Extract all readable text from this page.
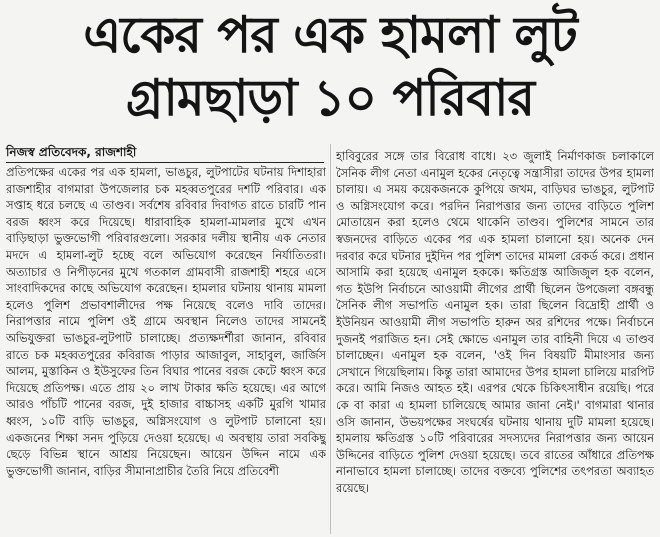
একের পর এক হামলা লুট
গ্রামছাড়া ১০ পরিবার
নিজস্ব প্রতিবেদক, রাজশাহী

প্রতিপক্ষের একের পর এক হামলা, ভাঙচুর, লুটপাটের ঘটনায় দিশাহারা রাজশাহীর বাগমারা উপজেলার চক মহব্বতপুরের দশটি পরিবার। এক সপ্তাহ ধরে চলছে এ তাণ্ডব। সর্বশেষ রবিবার দিবাগত রাতে চারটি পান বরজ ধ্বংস করে দিয়েছে। ধারাবাহিক হামলা-মামলার মুখে এখন বাড়িছাড়া ভুক্তভোগী পরিবারগুলো। সরকার দলীয় স্থানীয় এক নেতার মদদে এ হামলা-লুট হচ্ছে বলে অভিযোগ করেছেন নির্যাতিতরা। অত্যাচার ও নিপীড়নের মুখে গতকাল গ্রামবাসী রাজশাহী শহরে এসে সাংবাদিকদের কাছে অভিযোগ করেছেন। হামলার ঘটনায় থানায় মামলা হলেও পুলিশ প্রভাবশালীদের পক্ষ নিয়েছে বলেও দাবি তাদের। নিরাপত্তার নামে পুলিশ ওই গ্রামে অবস্থান নিলেও তাদের সামনেই অভিযুক্তরা ভাঙচুর-লুটপাট চালাচ্ছে। প্রত্যক্ষদর্শীরা জানান, রবিবার রাতে চক মহব্বতপুরের কবিরাজ পাড়ার আজাবুল, সাহাবুল, জার্জিস আলম, মুস্তাকিন ও ইউসুফের তিন বিঘার পানের বরজ কেটে ধ্বংস করে দিয়েছে প্রতিপক্ষ। এতে প্রায় ২০ লাখ টাকার ক্ষতি হয়েছে। এর আগে আরও পাঁচটি পানের বরজ, দুই হাজার বাচ্চাসহ একটি মুরগি খামার ধ্বংস, ১০টি বাড়ি ভাঙচুর, অগ্নিসংযোগ ও লুটপাট চালানো হয়। একজনের শিক্ষা সনদ পুড়িয়ে দেওয়া হয়েছে। এ অবস্থায় তারা সবকিছু ছেড়ে বিভিন্ন স্থানে আশ্রয় নিয়েছেন। আয়েন উদ্দিন নামে এক ভুক্তভোগী জানান, বাড়ির সীমানাপ্রাচীর তৈরি নিয়ে প্রতিবেশী

হাবিবুরের সঙ্গে তার বিরোধ বাধে। ২৩ জুলাই নির্মাণকাজ চলাকালে সৈনিক লীগ নেতা এনামুল হকের নেতৃত্বে সন্ত্রাসীরা তাদের উপর হামলা চালায়। এ সময় কয়েকজনকে কুপিয়ে জখম, বাড়িঘর ভাঙচুর, লুটপাট ও অগ্নিসংযোগ করে। পরদিন নিরাপত্তার জন্য তাদের বাড়িতে পুলিশ মোতায়েন করা হলেও থেমে থাকেনি তাণ্ডব। পুলিশের সামনে তার স্বজনদের বাড়িতে একের পর এক হামলা চালানো হয়। অনেক দেন দরবার করে ঘটনার দুইদিন পর পুলিশ তাদের মামলা রেকর্ড করে। প্রধান আসামি করা হয়েছে এনামুল হককে। ক্ষতিগ্রস্ত আজিজুল হক বলেন, গত ইউপি নির্বাচনে আওয়ামী লীগের প্রার্থী ছিলেন উপজেলা বঙ্গবন্ধু সৈনিক লীগ সভাপতি এনামুল হক। তারা ছিলেন বিদ্রোহী প্রার্থী ও ইউনিয়ন আওয়ামী লীগ সভাপতি হারুন অর রশিদের পক্ষে। নির্বাচনে দুজনই পরাজিত হন। সেই ক্ষোভে এনামুল তার বাহিনী দিয়ে এ তাণ্ডব চালাচ্ছেন। এনামুল হক বলেন, 'ওই দিন বিষয়টি মীমাংসার জন্য সেখানে গিয়েছিলাম। কিন্তু তারা আমাদের উপর হামলা চালিয়ে মারপিট করে। আমি নিজও আহত হই। এরপর থেকে চিকিৎসাধীন রয়েছি। পরে কে বা কারা এ হামলা চালিয়েছে আমার জানা নেই।' বাগমারা থানার ওসি জানান, উভয়পক্ষের সংঘর্ষের ঘটনায় থানায় দুটি মামলা হয়েছে। হামলায় ক্ষতিগ্রস্ত ১০টি পরিবারের সদস্যদের নিরাপত্তার জন্য আয়েন উদ্দিনের বাড়িতে পুলিশ দেওয়া হয়েছে। তবে রাতের আঁধারে প্রতিপক্ষ নানাভাবে হামলা চালাচ্ছে। তাদের বক্তব্যে পুলিশের তৎপরতা অব্যাহত রয়েছে।
